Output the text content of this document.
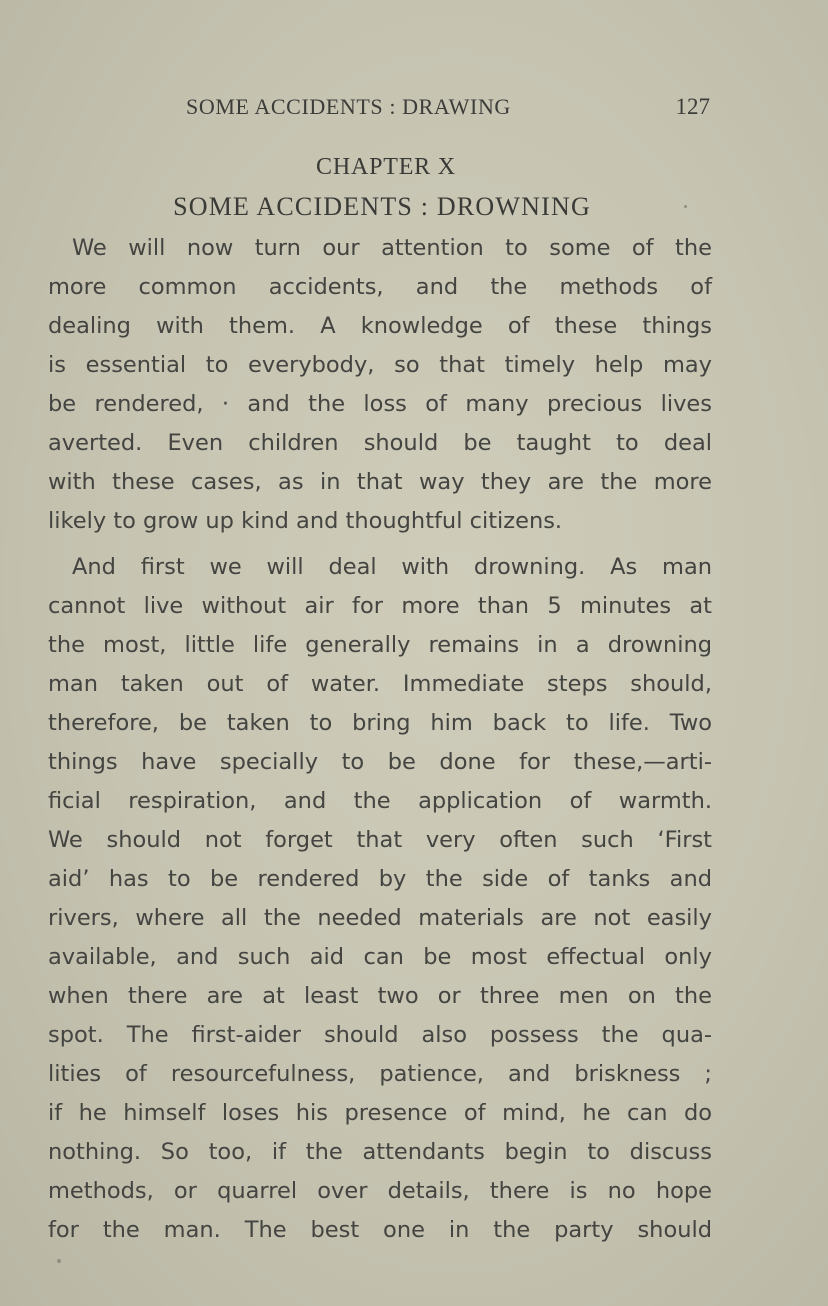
SOME ACCIDENTS : DRAWING	127
CHAPTER X
SOME ACCIDENTS : DROWNING
We will now turn our attention to some of the
more common accidents, and the methods of
dealing with them. A knowledge of these things
is essential to everybody, so that timely help may
be rendered, · and the loss of many precious lives
averted. Even children should be taught to deal
with these cases, as in that way they are the more
likely to grow up kind and thoughtful citizens.
And first we will deal with drowning. As man
cannot live without air for more than 5 minutes at
the most, little life generally remains in a drowning
man taken out of water. Immediate steps should,
therefore, be taken to bring him back to life. Two
things have specially to be done for these,—arti-
ficial respiration, and the application of warmth.
We should not forget that very often such ‘First
aid’ has to be rendered by the side of tanks and
rivers, where all the needed materials are not easily
available, and such aid can be most effectual only
when there are at least two or three men on the
spot. The first-aider should also possess the qua-
lities of resourcefulness, patience, and briskness ;
if he himself loses his presence of mind, he can do
nothing. So too, if the attendants begin to discuss
methods, or quarrel over details, there is no hope
for the man. The best one in the party should
